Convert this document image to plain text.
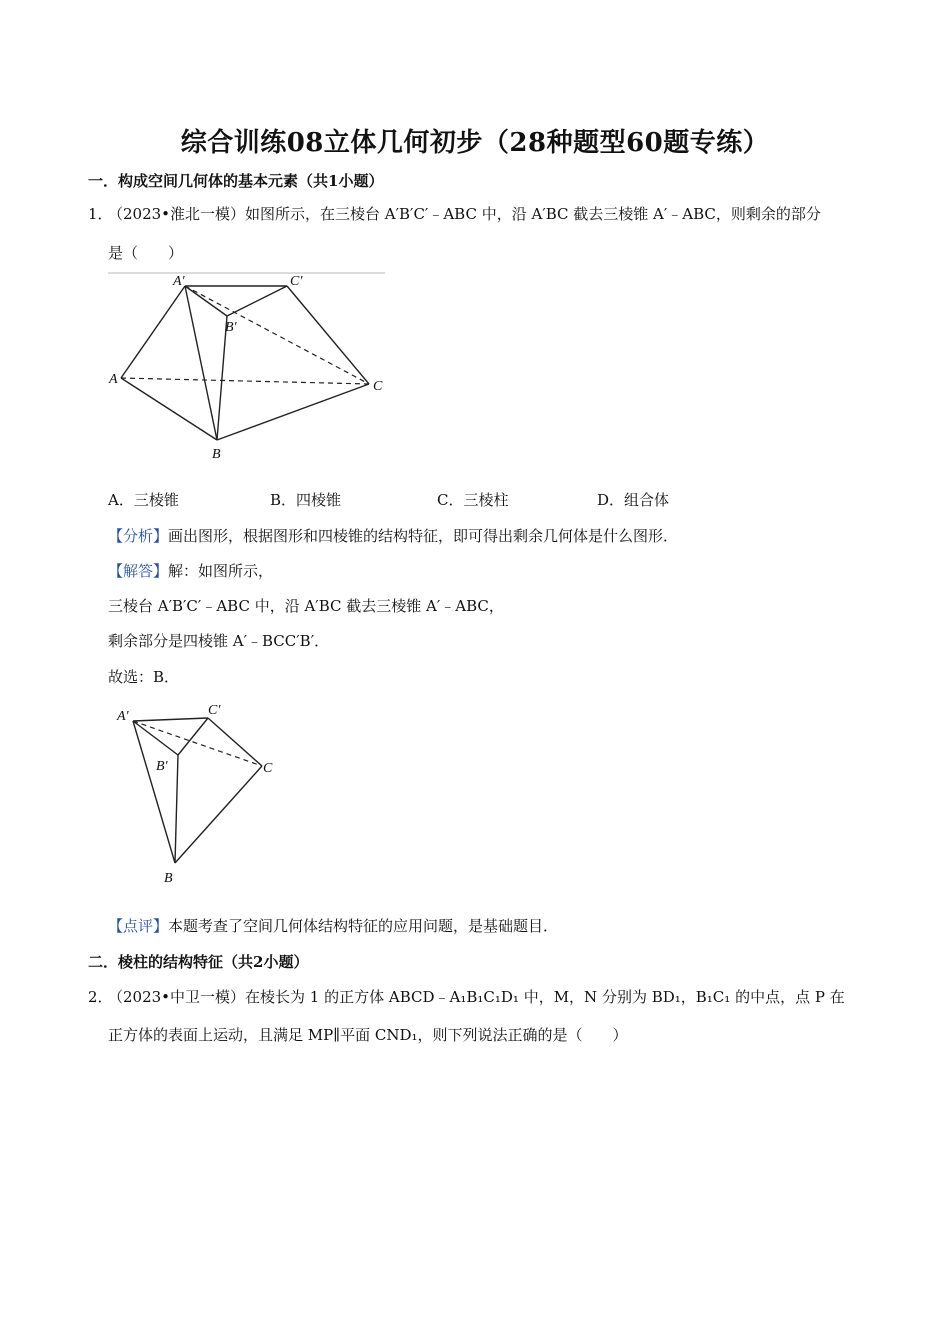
综合训练08立体几何初步（28种题型60题专练）
一．构成空间几何体的基本元素（共1小题）
1．
（2023•淮北一模）如图所示，在三棱台 A′B′C′﹣ABC 中，沿 A′BC 截去三棱锥 A′﹣ABC，则剩余的部分
是（　　）
A′	C′
B′
A	C
B
A．三棱锥	B．四棱锥	C．三棱柱	D．组合体
【分析】画出图形，根据图形和四棱锥的结构特征，即可得出剩余几何体是什么图形．
【解答】解：如图所示，
三棱台 A′B′C′﹣ABC 中，沿 A′BC 截去三棱锥 A′﹣ABC，
剩余部分是四棱锥 A′﹣BCC′B′．
故选：B．
A′	C′
B′	C
B
【点评】本题考查了空间几何体结构特征的应用问题，是基础题目．
二．棱柱的结构特征（共2小题）
2．
（2023•中卫一模）在棱长为 1 的正方体 ABCD﹣A₁B₁C₁D₁ 中，M，N 分别为 BD₁，B₁C₁ 的中点，点 P 在
正方体的表面上运动，且满足 MP∥平面 CND₁，则下列说法正确的是（　　）
